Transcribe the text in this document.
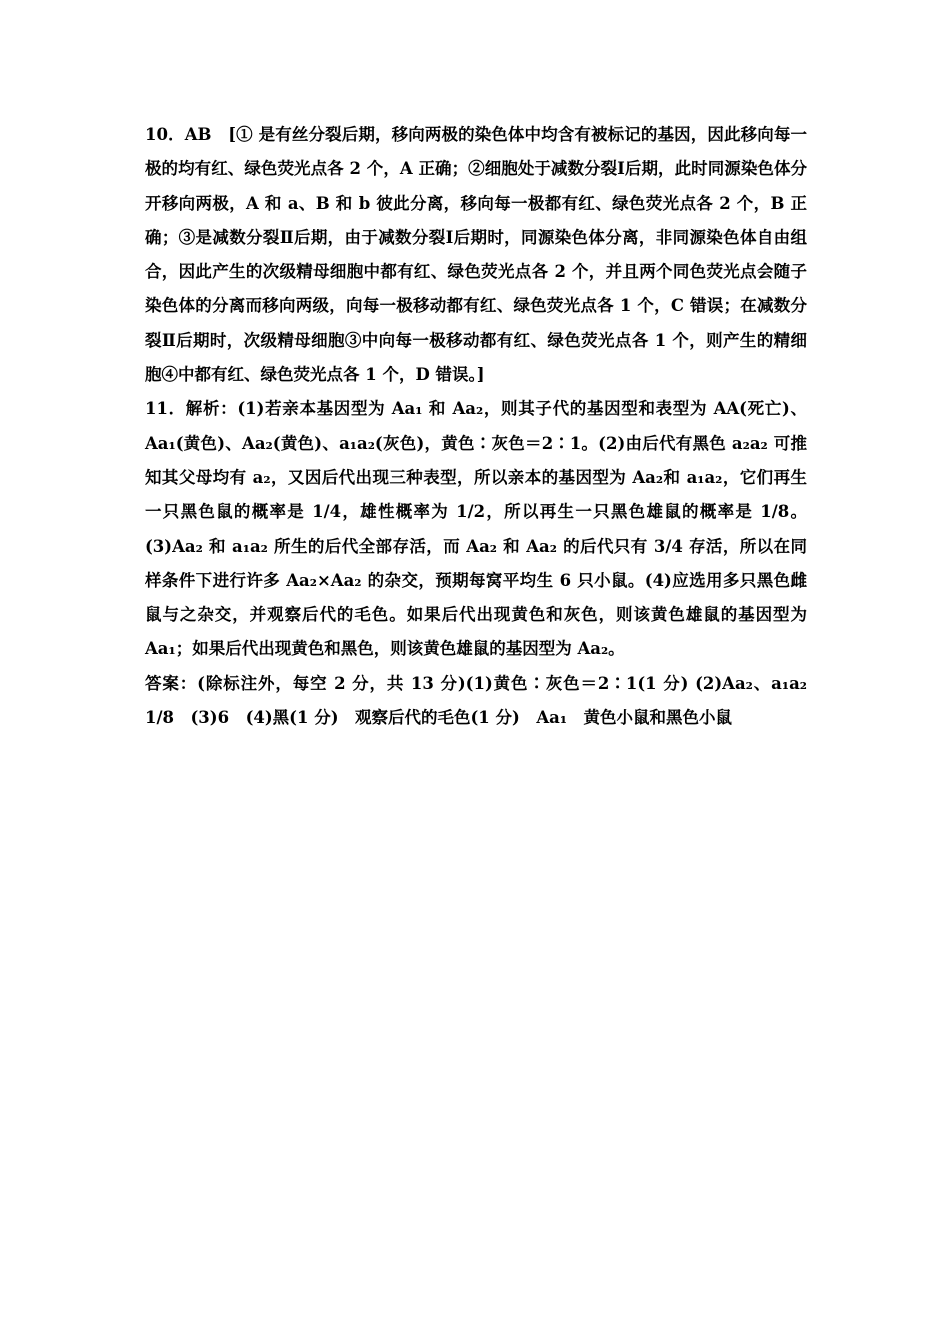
10．AB　[① 是有丝分裂后期，移向两极的染色体中均含有被标记的基因，因此移向每一极的均有红、绿色荧光点各 2 个，A 正确；②细胞处于减数分裂Ⅰ后期，此时同源染色体分开移向两极，A 和 a、B 和 b 彼此分离，移向每一极都有红、绿色荧光点各 2 个，B 正确；③是减数分裂Ⅱ后期，由于减数分裂Ⅰ后期时，同源染色体分离，非同源染色体自由组合，因此产生的次级精母细胞中都有红、绿色荧光点各 2 个，并且两个同色荧光点会随子染色体的分离而移向两级，向每一极移动都有红、绿色荧光点各 1 个，C 错误；在减数分裂Ⅱ后期时，次级精母细胞③中向每一极移动都有红、绿色荧光点各 1 个，则产生的精细胞④中都有红、绿色荧光点各 1 个，D 错误。]

11．解析：(1)若亲本基因型为 Aa₁ 和 Aa₂，则其子代的基因型和表型为 AA(死亡)、Aa₁(黄色)、Aa₂(黄色)、a₁a₂(灰色)，黄色∶灰色＝2∶1。(2)由后代有黑色 a₂a₂ 可推知其父母均有 a₂，又因后代出现三种表型，所以亲本的基因型为 Aa₂和 a₁a₂，它们再生一只黑色鼠的概率是 1/4，雄性概率为 1/2，所以再生一只黑色雄鼠的概率是 1/8。(3)Aa₂ 和 a₁a₂ 所生的后代全部存活，而 Aa₂ 和 Aa₂ 的后代只有 3/4 存活，所以在同样条件下进行许多 Aa₂×Aa₂ 的杂交，预期每窝平均生 6 只小鼠。(4)应选用多只黑色雌鼠与之杂交，并观察后代的毛色。如果后代出现黄色和灰色，则该黄色雄鼠的基因型为 Aa₁；如果后代出现黄色和黑色，则该黄色雄鼠的基因型为 Aa₂。

答案：(除标注外，每空 2 分，共 13 分)(1)黄色∶灰色＝2∶1(1 分) (2)Aa₂、a₁a₂　1/8　(3)6　(4)黑(1 分)　观察后代的毛色(1 分)　Aa₁　黄色小鼠和黑色小鼠
